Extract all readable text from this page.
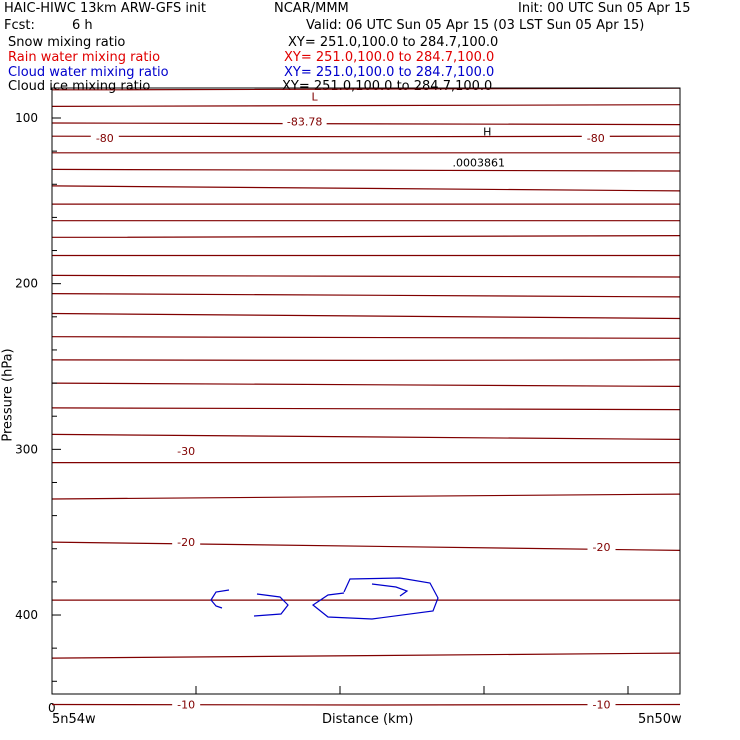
HAIC-HIWC 13km ARW-GFS init	NCAR/MMM	Init: 00 UTC Sun 05 Apr 15
Fcst:	6 h	Valid: 06 UTC Sun 05 Apr 15 (03 LST Sun 05 Apr 15)
Snow mixing ratio	XY= 251.0,100.0 to 284.7,100.0
Rain water mixing ratio	XY= 251.0,100.0 to 284.7,100.0
Cloud water mixing ratio	XY= 251.0,100.0 to 284.7,100.0
Cloud ice mixing ratio	XY= 251.0,100.0 to 284.7,100.0
Distance (km)
Pressure (hPa)
0
5n54w	5n50w
100
200
300
400
-80	-80
-30
-20	-20
-10	-10
L
-83.78
H
.0003861
